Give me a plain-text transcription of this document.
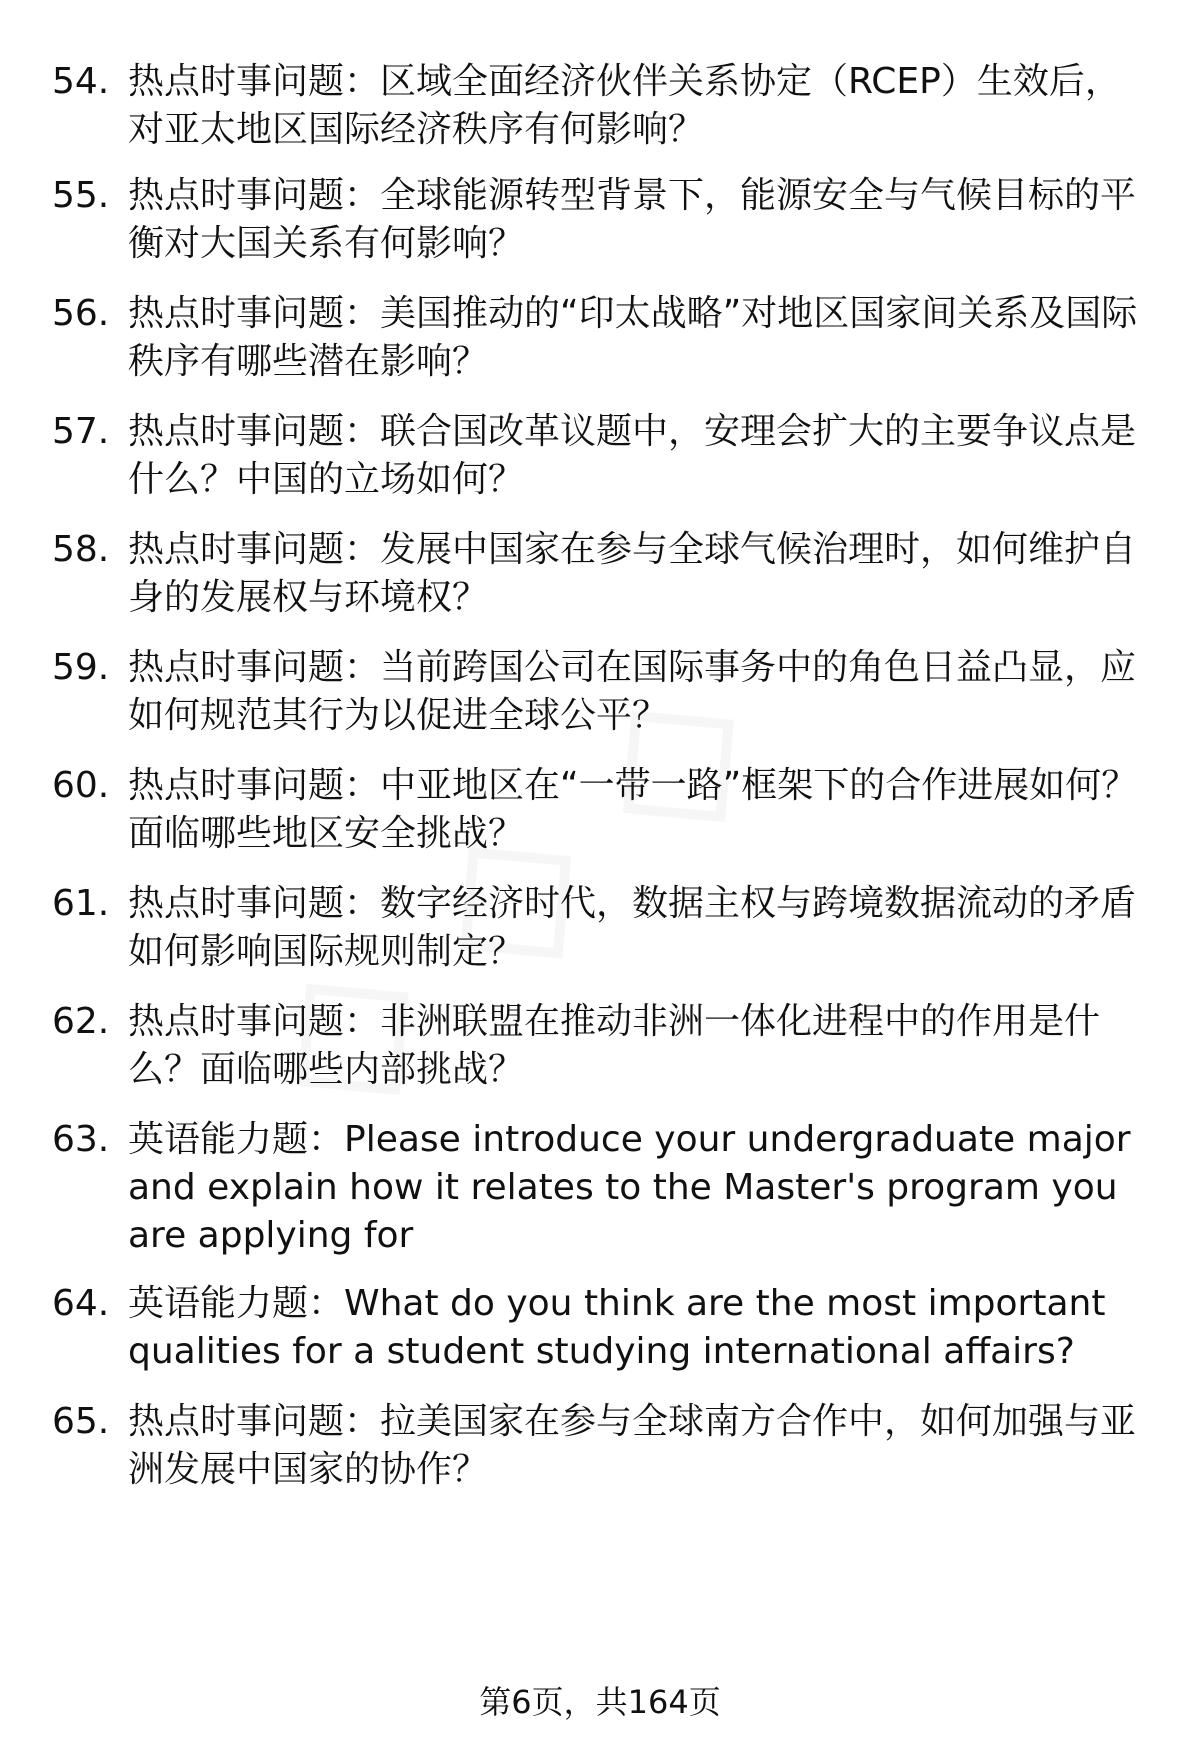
54. 热点时事问题：区域全面经济伙伴关系协定（RCEP）生效后，对亚太地区国际经济秩序有何影响？
55. 热点时事问题：全球能源转型背景下，能源安全与气候目标的平衡对大国关系有何影响？
56. 热点时事问题：美国推动的“印太战略”对地区国家间关系及国际秩序有哪些潜在影响？
57. 热点时事问题：联合国改革议题中，安理会扩大的主要争议点是什么？中国的立场如何？
58. 热点时事问题：发展中国家在参与全球气候治理时，如何维护自身的发展权与环境权？
59. 热点时事问题：当前跨国公司在国际事务中的角色日益凸显，应如何规范其行为以促进全球公平？
60. 热点时事问题：中亚地区在“一带一路”框架下的合作进展如何？面临哪些地区安全挑战？
61. 热点时事问题：数字经济时代，数据主权与跨境数据流动的矛盾如何影响国际规则制定？
62. 热点时事问题：非洲联盟在推动非洲一体化进程中的作用是什么？面临哪些内部挑战？
63. 英语能力题：Please introduce your undergraduate major and explain how it relates to the Master's program you are applying for
64. 英语能力题：What do you think are the most important qualities for a student studying international affairs?
65. 热点时事问题：拉美国家在参与全球南方合作中，如何加强与亚洲发展中国家的协作？
第6页，共164页
